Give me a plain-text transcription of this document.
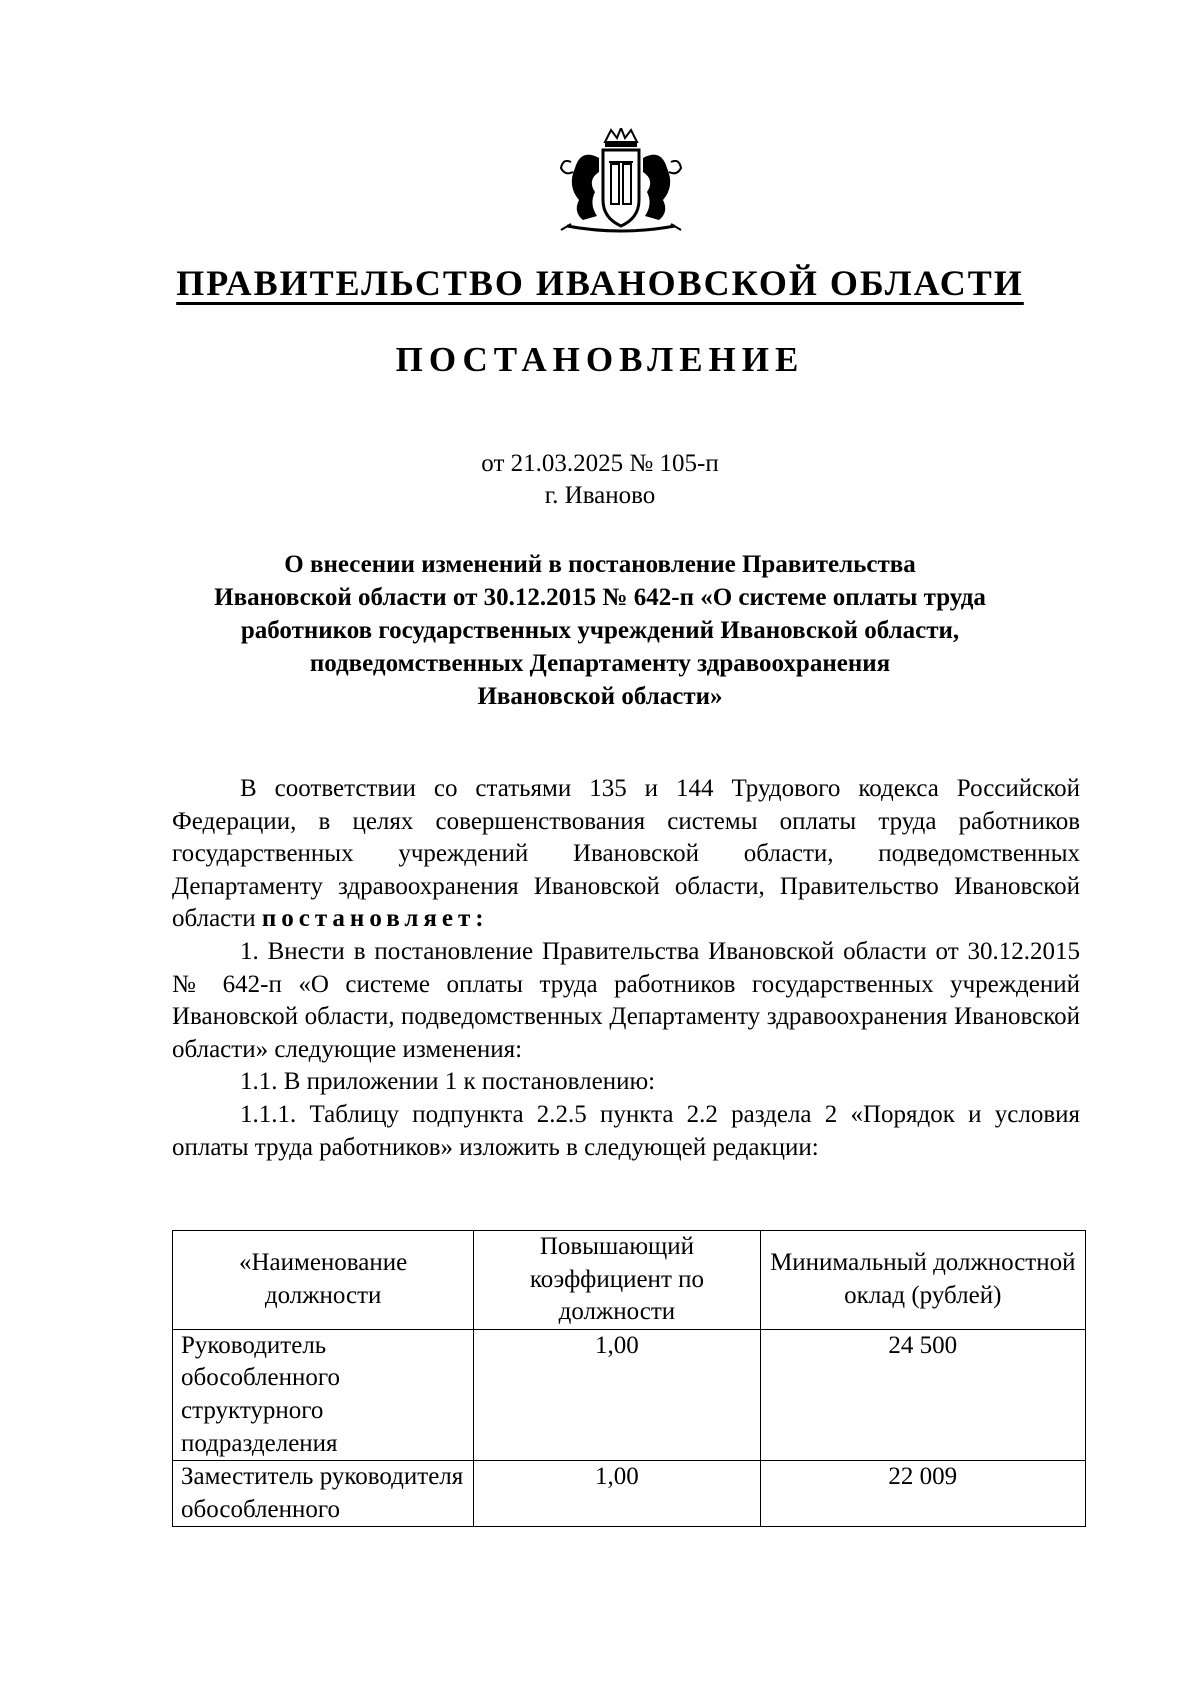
ПРАВИТЕЛЬСТВО ИВАНОВСКОЙ ОБЛАСТИ
ПОСТАНОВЛЕНИЕ
от 21.03.2025 № 105-п
г. Иваново
О внесении изменений в постановление Правительства
Ивановской области от 30.12.2015 № 642-п «О системе оплаты труда
работников государственных учреждений Ивановской области,
подведомственных Департаменту здравоохранения
Ивановской области»

В соответствии со статьями 135 и 144 Трудового кодекса Российской Федерации, в целях совершенствования системы оплаты труда работников государственных учреждений Ивановской области, подведомственных Департаменту здравоохранения Ивановской области, Правительство Ивановской области постановляет:

1. Внести в постановление Правительства Ивановской области от 30.12.2015 № 642-п «О системе оплаты труда работников государственных учреждений Ивановской области, подведомственных Департаменту здравоохранения Ивановской области» следующие изменения:

1.1. В приложении 1 к постановлению:

1.1.1. Таблицу подпункта 2.2.5 пункта 2.2 раздела 2 «Порядок и условия оплаты труда работников» изложить в следующей редакции:

«Наименование должности	Повышающий коэффициент по должности	Минимальный должностной оклад (рублей)
Руководитель обособленного структурного подразделения	1,00	24 500
Заместитель руководителя обособленного	1,00	22 009
